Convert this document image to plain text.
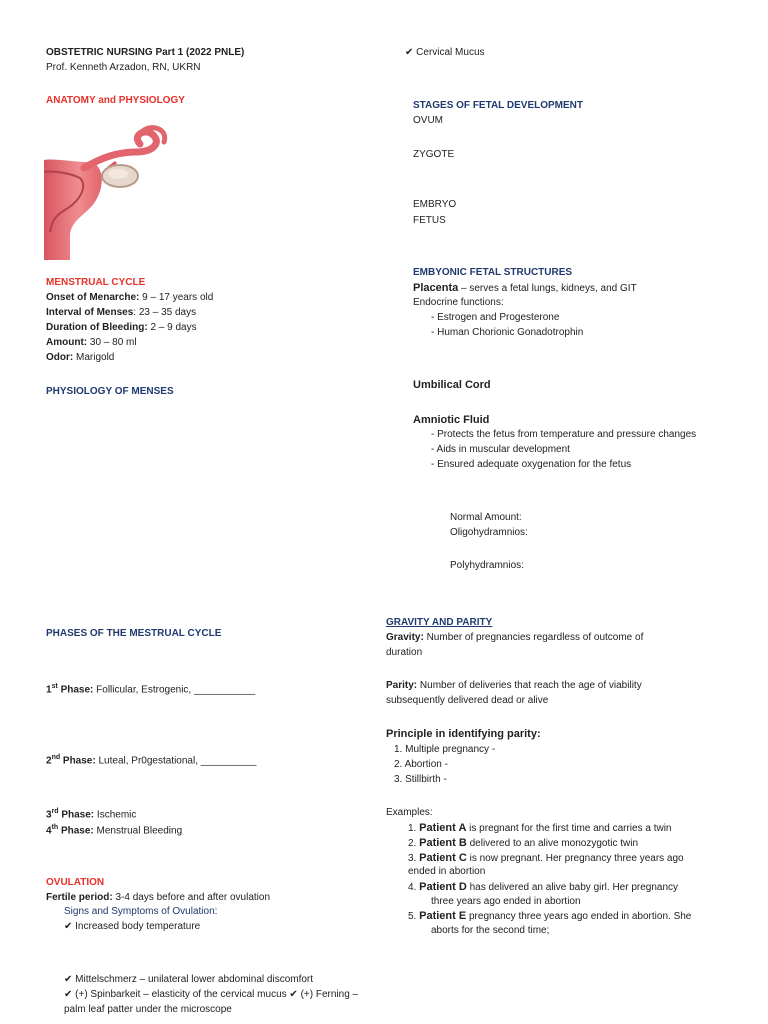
OBSTETRIC NURSING Part 1 (2022 PNLE)
Prof. Kenneth Arzadon, RN, UKRN
ANATOMY and PHYSIOLOGY
MENSTRUAL CYCLE
Onset of Menarche: 9 – 17 years old
Interval of Menses: 23 – 35 days
Duration of Bleeding: 2 – 9 days
Amount: 30 – 80 ml
Odor: Marigold
PHYSIOLOGY OF MENSES
PHASES OF THE MESTRUAL CYCLE
1st Phase: Follicular, Estrogenic, ___________
2nd Phase: Luteal, Pr0gestational, __________
3rd Phase: Ischemic
4th Phase: Menstrual Bleeding
OVULATION
Fertile period: 3-4 days before and after ovulation
Signs and Symptoms of Ovulation:
✔ Increased body temperature
✔ Mittelschmerz – unilateral lower abdominal discomfort
✔ (+) Spinbarkeit – elasticity of the cervical mucus ✔ (+) Ferning –
palm leaf patter under the microscope
✔ Cervical Mucus
STAGES OF FETAL DEVELOPMENT
OVUM
ZYGOTE
EMBRYO
FETUS
EMBYONIC FETAL STRUCTURES
Placenta – serves a fetal lungs, kidneys, and GIT
Endocrine functions:
- Estrogen and Progesterone
- Human Chorionic Gonadotrophin
Umbilical Cord
Amniotic Fluid
- Protects the fetus from temperature and pressure changes
- Aids in muscular development
- Ensured adequate oxygenation for the fetus
Normal Amount:
Oligohydramnios:
Polyhydramnios:
GRAVITY AND PARITY
Gravity: Number of pregnancies regardless of outcome of
duration
Parity: Number of deliveries that reach the age of viability
subsequently delivered dead or alive
Principle in identifying parity:
1. Multiple pregnancy -
2. Abortion -
3. Stillbirth -
Examples:
1. Patient A is pregnant for the first time and carries a twin
2. Patient B delivered to an alive monozygotic twin
3. Patient C is now pregnant. Her pregnancy three years ago
ended in abortion
4. Patient D has delivered an alive baby girl. Her pregnancy
three years ago ended in abortion
5. Patient E pregnancy three years ago ended in abortion. She
aborts for the second time;
